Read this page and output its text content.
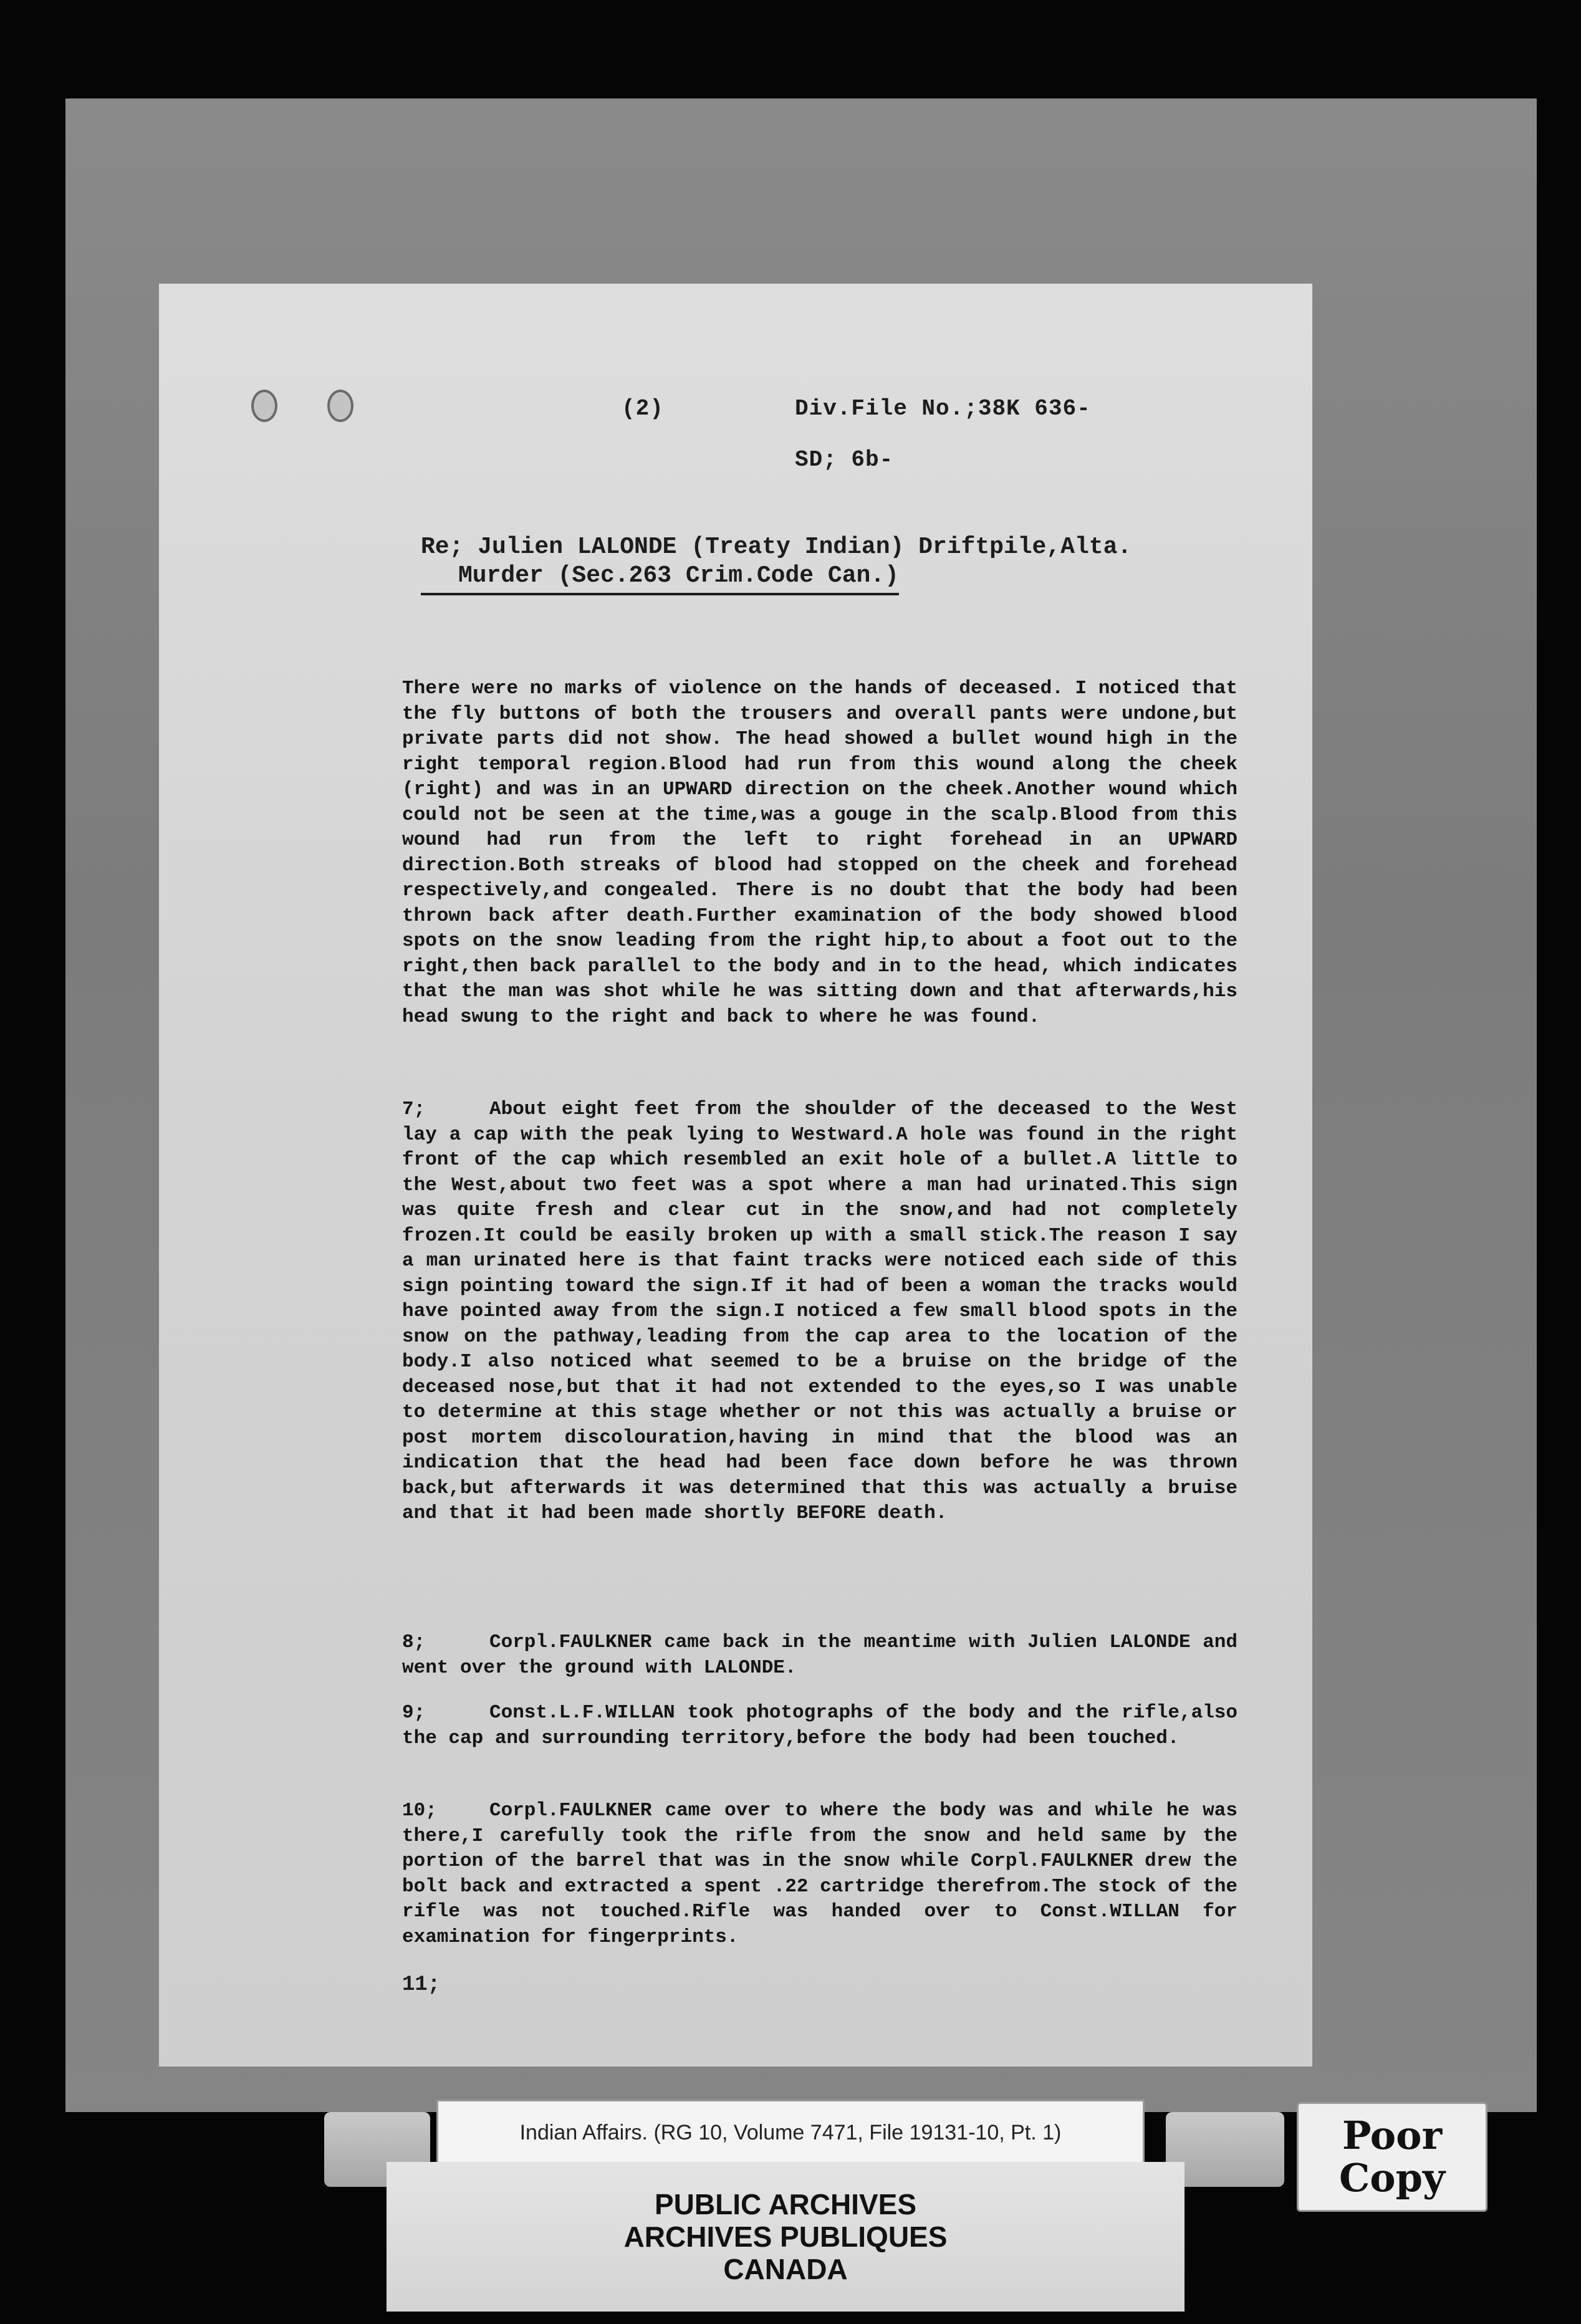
(2)	Div.File No.;38K 636-
SD; 6b-
Re; Julien LALONDE (Treaty Indian) Driftpile,Alta.
Murder (Sec.263 Crim.Code Can.)
There were no marks of violence on the hands of deceased. I noticed that the fly buttons of both the trousers and overall pants were undone,but private parts did not show. The head showed a bullet wound high in the right temporal region.Blood had run from this wound along the cheek (right) and was in an UPWARD direction on the cheek.Another wound which could not be seen at the time,was a gouge in the scalp.Blood from this wound had run from the left to right forehead in an UPWARD direction.Both streaks of blood had stopped on the cheek and forehead respectively,and congealed. There is no doubt that the body had been thrown back after death.Further examination of the body showed blood spots on the snow leading from the right hip,to about a foot out to the right,then back parallel to the body and in to the head, which indicates that the man was shot while he was sitting down and that afterwards,his head swung to the right and back to where he was found.
7;	About eight feet from the shoulder of the deceased to the West lay a cap with the peak lying to Westward.A hole was found in the right front of the cap which resembled an exit hole of a bullet.A little to the West,about two feet was a spot where a man had urinated.This sign was quite fresh and clear cut in the snow,and had not completely frozen.It could be easily broken up with a small stick.The reason I say a man urinated here is that faint tracks were noticed each side of this sign pointing toward the sign.If it had of been a woman the tracks would have pointed away from the sign.I noticed a few small blood spots in the snow on the pathway,leading from the cap area to the location of the body.I also noticed what seemed to be a bruise on the bridge of the deceased nose,but that it had not extended to the eyes,so I was unable to determine at this stage whether or not this was actually a bruise or post mortem discolouration,having in mind that the blood was an indication that the head had been face down before he was thrown back,but afterwards it was determined that this was actually a bruise and that it had been made shortly BEFORE death.
8;	Corpl.FAULKNER came back in the meantime with Julien LALONDE and went over the ground with LALONDE.
9;	Const.L.F.WILLAN took photographs of the body and the rifle,also the cap and surrounding territory,before the body had been touched.
10;	Corpl.FAULKNER came over to where the body was and while he was there,I carefully took the rifle from the snow and held same by the portion of the barrel that was in the snow while Corpl.FAULKNER drew the bolt back and extracted a spent .22 cartridge therefrom.The stock of the rifle was not touched.Rifle was handed over to Const.WILLAN for examination for fingerprints.
11;
Indian Affairs. (RG 10, Volume 7471, File 19131-10, Pt. 1)
PUBLIC ARCHIVES
ARCHIVES PUBLIQUES
CANADA
Poor
Copy
